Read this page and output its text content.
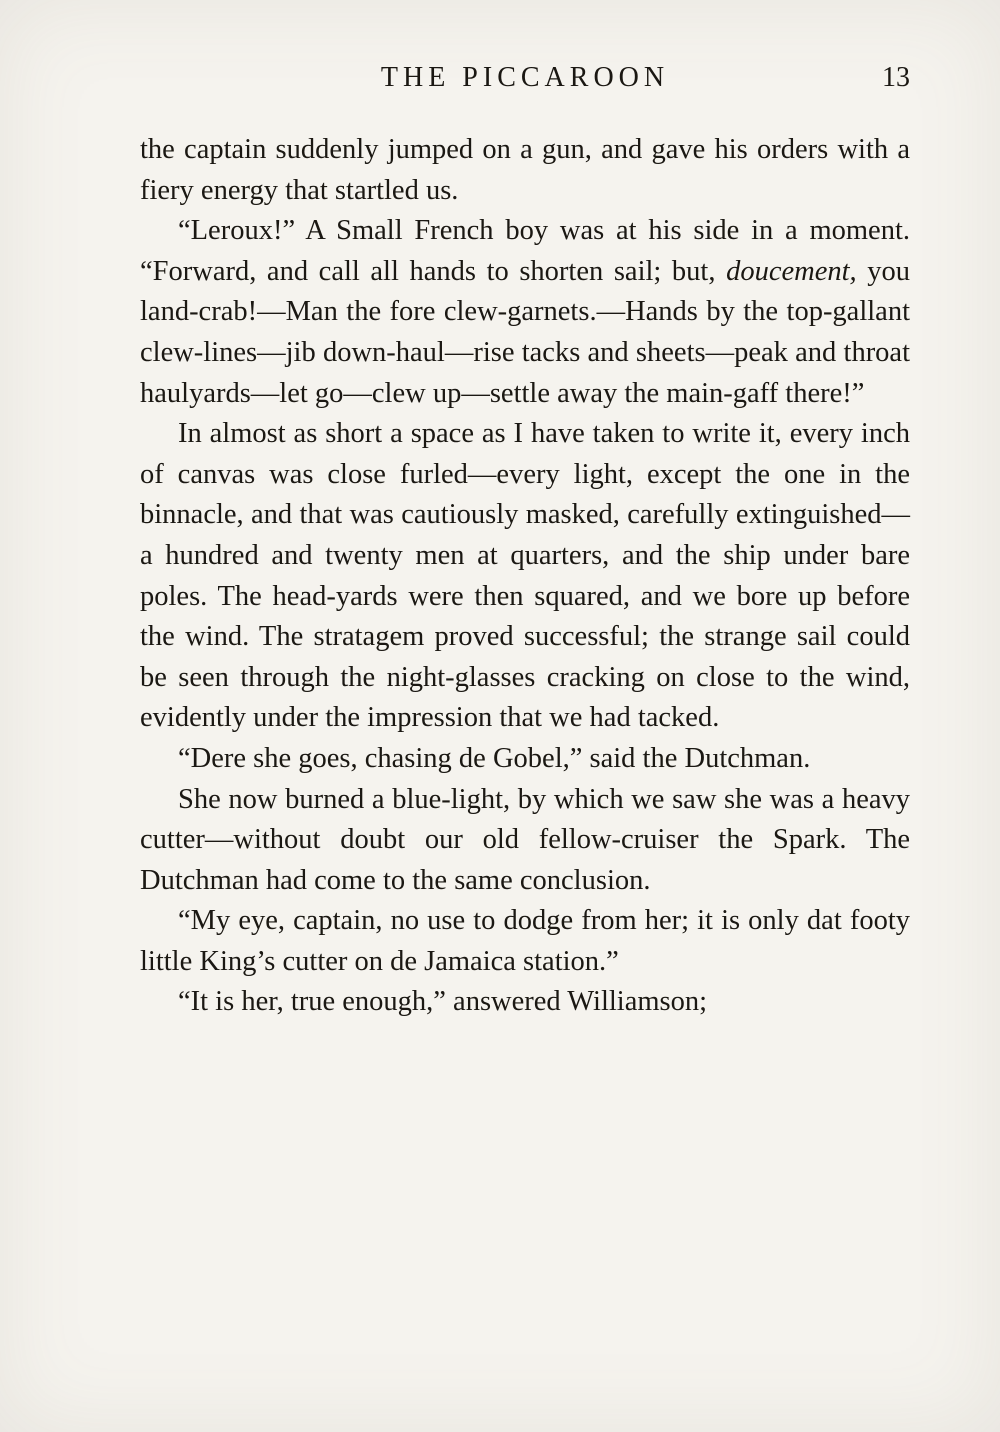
THE PICCAROON	13

the captain suddenly jumped on a gun, and gave his orders with a fiery energy that startled us.

“Leroux!” A Small French boy was at his side in a moment. “Forward, and call all hands to shorten sail; but, doucement, you land-crab!—Man the fore clew-garnets.—Hands by the top-gallant clew-lines—jib down-haul—rise tacks and sheets—peak and throat haulyards—let go—clew up—settle away the main-gaff there!”

In almost as short a space as I have taken to write it, every inch of canvas was close furled—every light, except the one in the binnacle, and that was cautiously masked, carefully extinguished—a hundred and twenty men at quarters, and the ship under bare poles. The head-yards were then squared, and we bore up before the wind. The stratagem proved successful; the strange sail could be seen through the night-glasses cracking on close to the wind, evidently under the impression that we had tacked.

“Dere she goes, chasing de Gobel,” said the Dutchman.

She now burned a blue-light, by which we saw she was a heavy cutter—without doubt our old fellow-cruiser the Spark. The Dutchman had come to the same conclusion.

“My eye, captain, no use to dodge from her; it is only dat footy little King’s cutter on de Jamaica station.”

“It is her, true enough,” answered Williamson;
